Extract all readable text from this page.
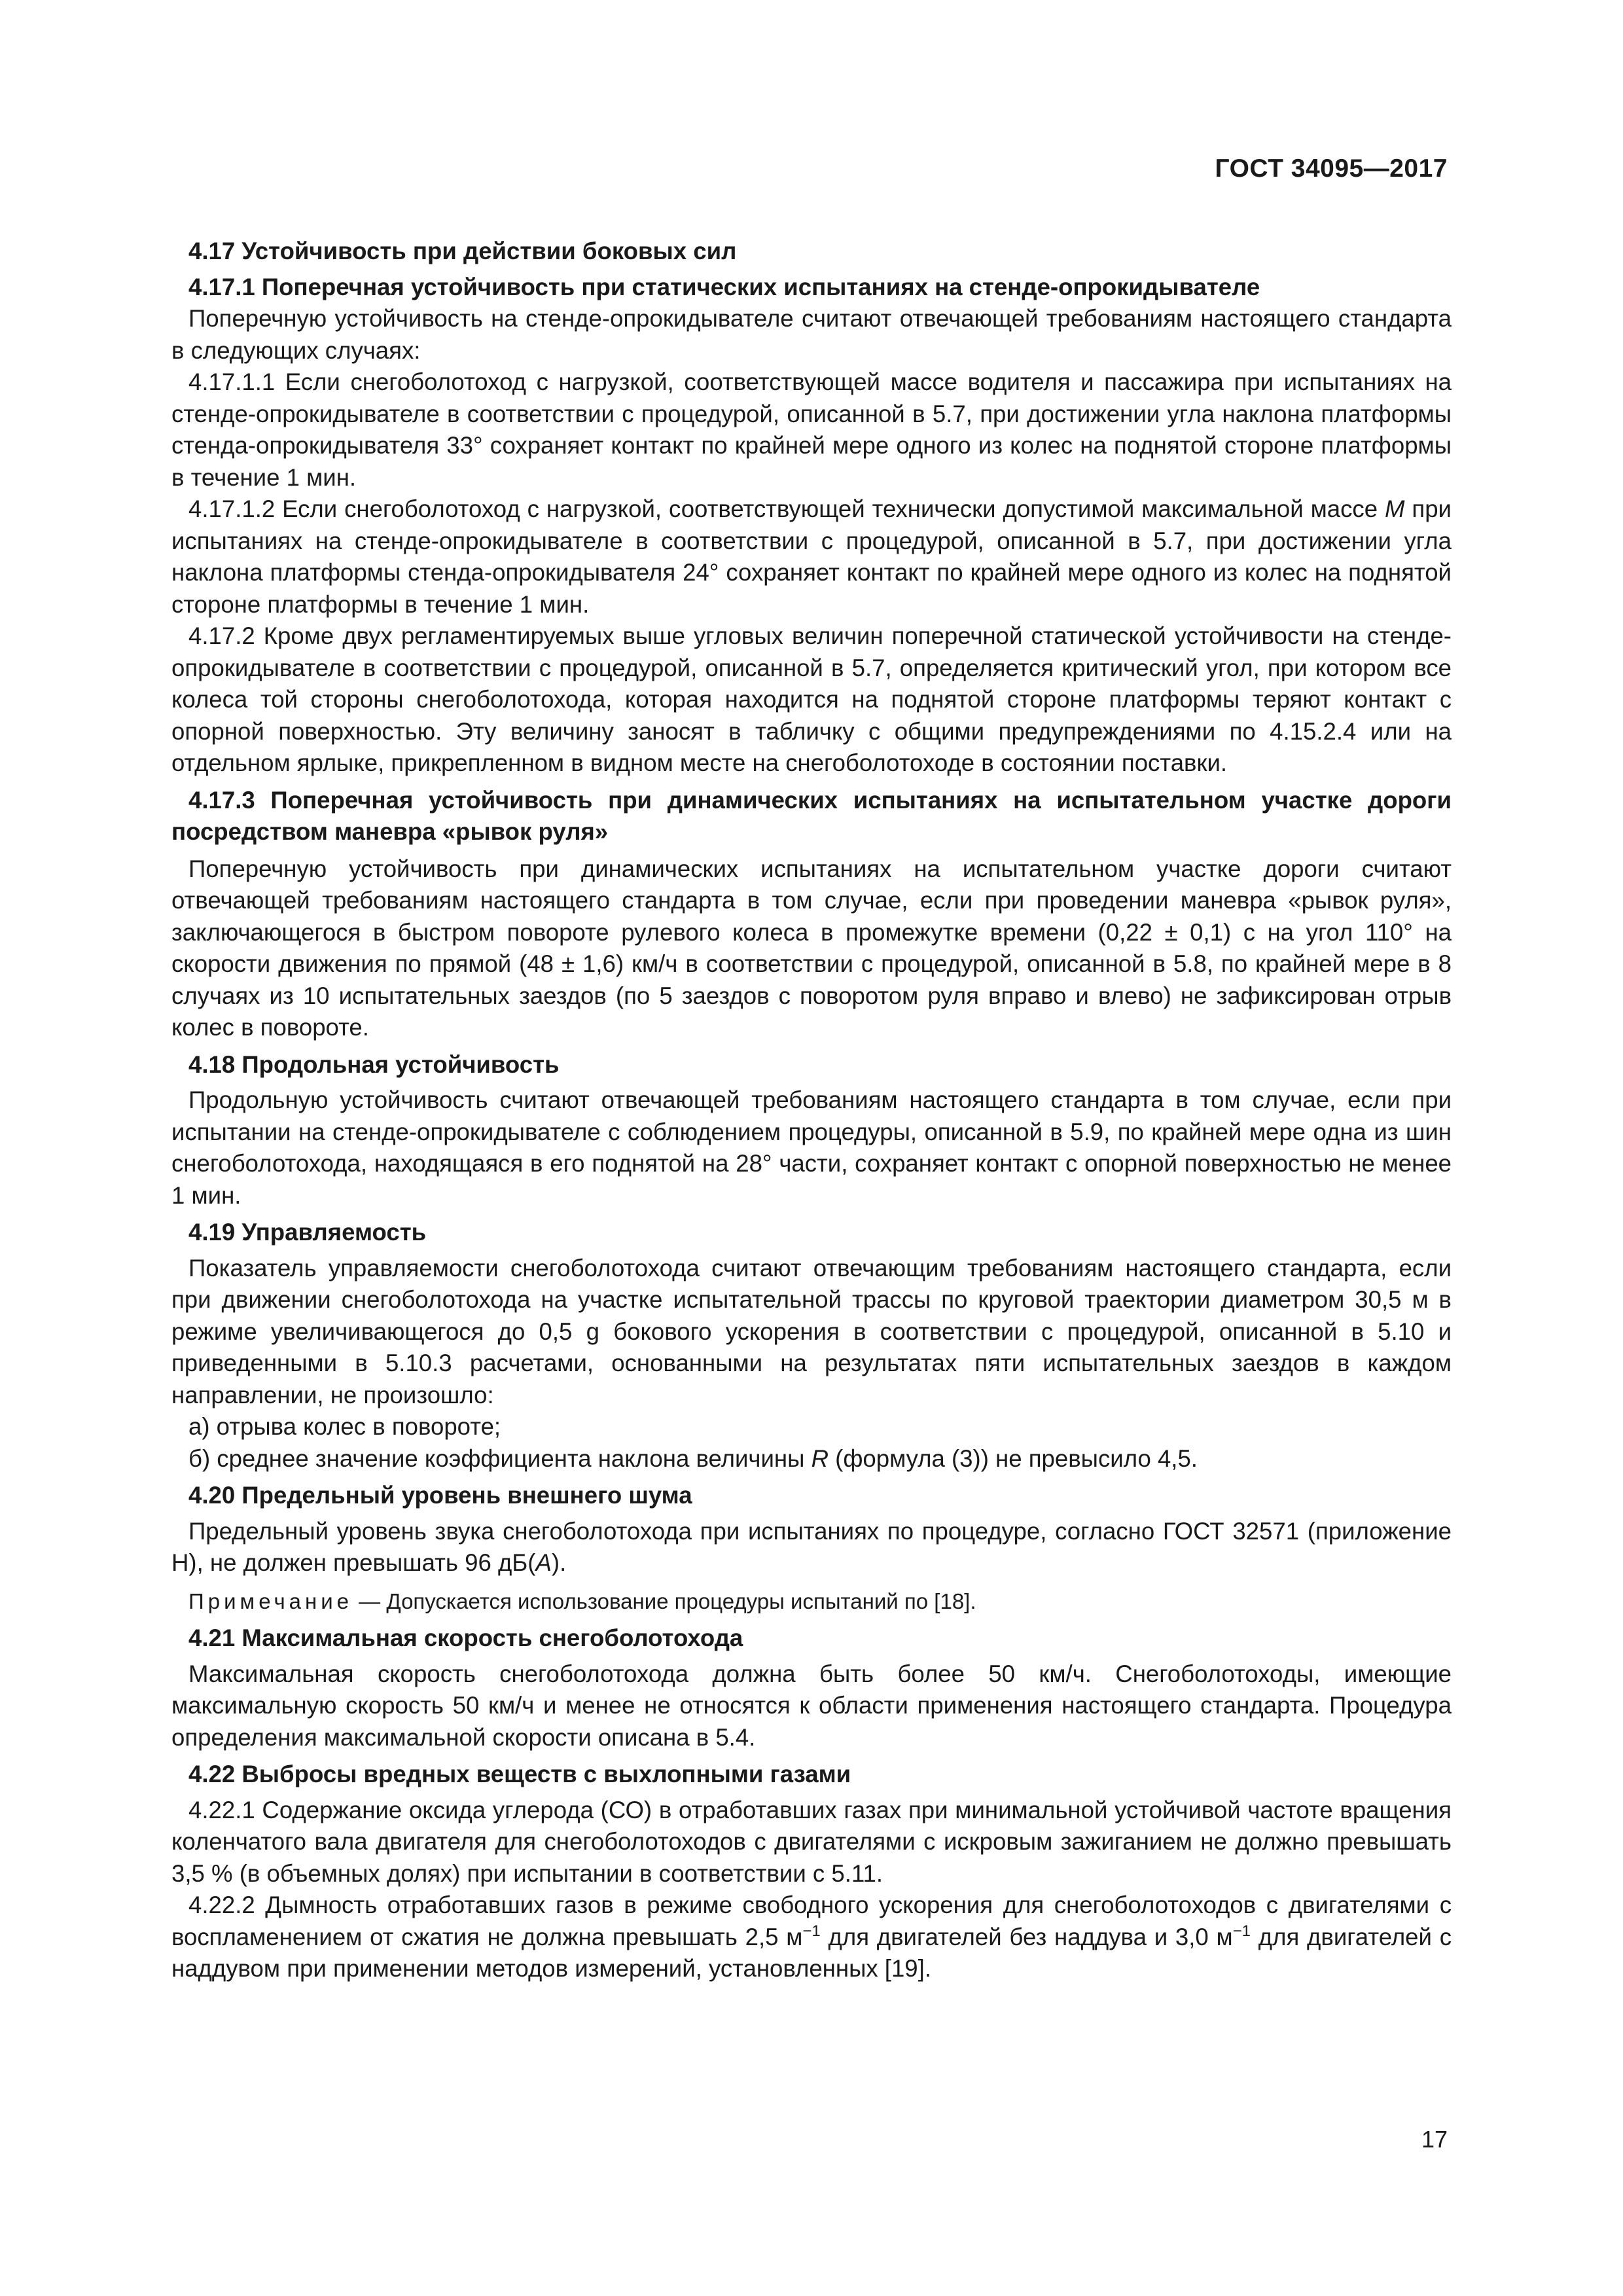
ГОСТ 34095—2017

4.17 Устойчивость при действии боковых сил

4.17.1 Поперечная устойчивость при статических испытаниях на стенде-опрокидывателе

Поперечную устойчивость на стенде-опрокидывателе считают отвечающей требованиям настоящего стандарта в следующих случаях:

4.17.1.1 Если снегоболотоход с нагрузкой, соответствующей массе водителя и пассажира при испытаниях на стенде-опрокидывателе в соответствии с процедурой, описанной в 5.7, при достижении угла наклона платформы стенда-опрокидывателя 33° сохраняет контакт по крайней мере одного из колес на поднятой стороне платформы в течение 1 мин.

4.17.1.2 Если снегоболотоход с нагрузкой, соответствующей технически допустимой максимальной массе M при испытаниях на стенде-опрокидывателе в соответствии с процедурой, описанной в 5.7, при достижении угла наклона платформы стенда-опрокидывателя 24° сохраняет контакт по крайней мере одного из колес на поднятой стороне платформы в течение 1 мин.

4.17.2 Кроме двух регламентируемых выше угловых величин поперечной статической устойчивости на стенде-опрокидывателе в соответствии с процедурой, описанной в 5.7, определяется критический угол, при котором все колеса той стороны снегоболотохода, которая находится на поднятой стороне платформы теряют контакт с опорной поверхностью. Эту величину заносят в табличку с общими предупреждениями по 4.15.2.4 или на отдельном ярлыке, прикрепленном в видном месте на снегоболотоходе в состоянии поставки.

4.17.3 Поперечная устойчивость при динамических испытаниях на испытательном участке дороги посредством маневра «рывок руля»

Поперечную устойчивость при динамических испытаниях на испытательном участке дороги считают отвечающей требованиям настоящего стандарта в том случае, если при проведении маневра «рывок руля», заключающегося в быстром повороте рулевого колеса в промежутке времени (0,22 ± 0,1) с на угол 110° на скорости движения по прямой (48 ± 1,6) км/ч в соответствии с процедурой, описанной в 5.8, по крайней мере в 8 случаях из 10 испытательных заездов (по 5 заездов с поворотом руля вправо и влево) не зафиксирован отрыв колес в повороте.

4.18 Продольная устойчивость

Продольную устойчивость считают отвечающей требованиям настоящего стандарта в том случае, если при испытании на стенде-опрокидывателе с соблюдением процедуры, описанной в 5.9, по крайней мере одна из шин снегоболотохода, находящаяся в его поднятой на 28° части, сохраняет контакт с опорной поверхностью не менее 1 мин.

4.19 Управляемость

Показатель управляемости снегоболотохода считают отвечающим требованиям настоящего стандарта, если при движении снегоболотохода на участке испытательной трассы по круговой траектории диаметром 30,5 м в режиме увеличивающегося до 0,5 g бокового ускорения в соответствии с процедурой, описанной в 5.10 и приведенными в 5.10.3 расчетами, основанными на результатах пяти испытательных заездов в каждом направлении, не произошло:

а) отрыва колес в повороте;

б) среднее значение коэффициента наклона величины R (формула (3)) не превысило 4,5.

4.20 Предельный уровень внешнего шума

Предельный уровень звука снегоболотохода при испытаниях по процедуре, согласно ГОСТ 32571 (приложение Н), не должен превышать 96 дБ(A).

Примечание — Допускается использование процедуры испытаний по [18].

4.21 Максимальная скорость снегоболотохода

Максимальная скорость снегоболотохода должна быть более 50 км/ч. Снегоболотоходы, имеющие максимальную скорость 50 км/ч и менее не относятся к области применения настоящего стандарта. Процедура определения максимальной скорости описана в 5.4.

4.22 Выбросы вредных веществ с выхлопными газами

4.22.1 Содержание оксида углерода (СО) в отработавших газах при минимальной устойчивой частоте вращения коленчатого вала двигателя для снегоболотоходов с двигателями с искровым зажиганием не должно превышать 3,5 % (в объемных долях) при испытании в соответствии с 5.11.

4.22.2 Дымность отработавших газов в режиме свободного ускорения для снегоболотоходов с двигателями с воспламенением от сжатия не должна превышать 2,5 $м^{-1}$ для двигателей без наддува и 3,0 $м^{-1}$ для двигателей с наддувом при применении методов измерений, установленных [19].

17
